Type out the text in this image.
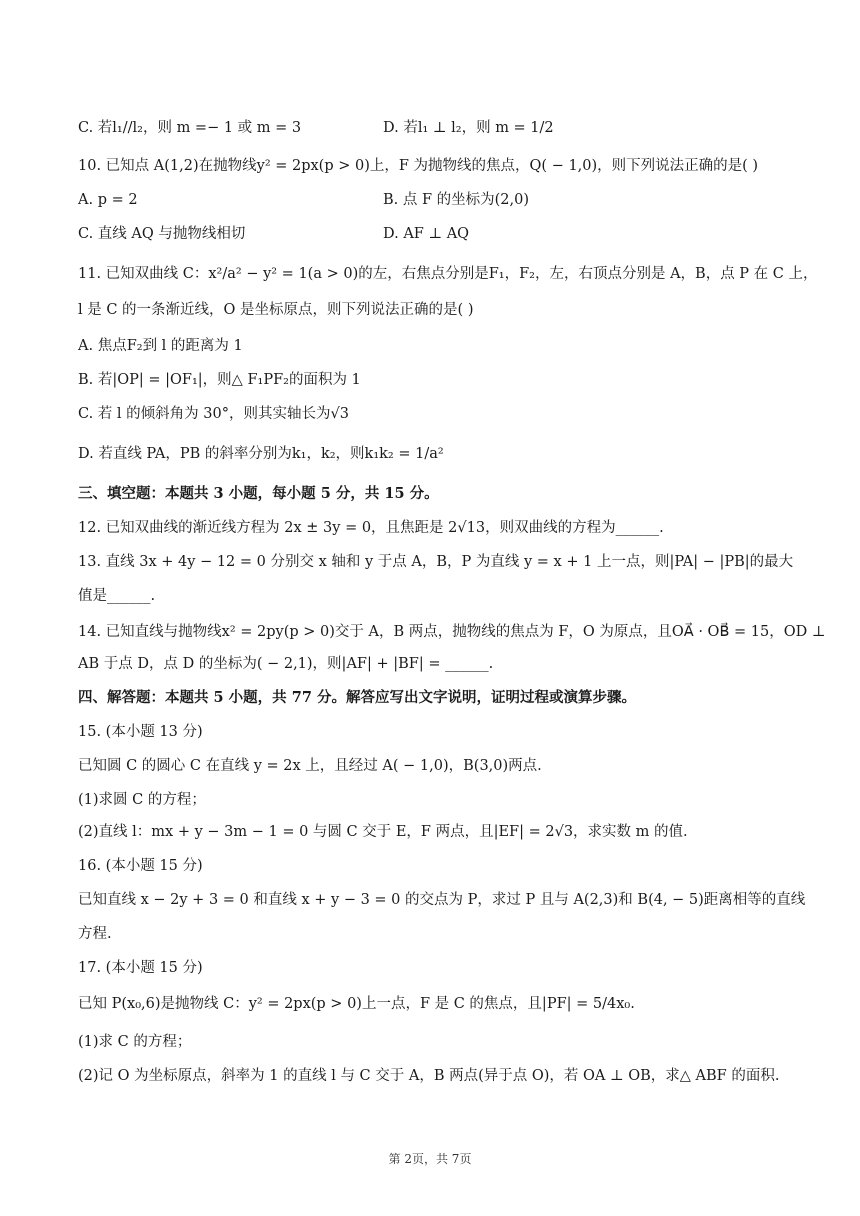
C. 若l₁//l₂，则 m =− 1 或 m = 3	D. 若l₁ ⊥ l₂，则 m = 1/2
10. 已知点 A(1,2)在抛物线y² = 2px(p > 0)上，F 为抛物线的焦点，Q( − 1,0)，则下列说法正确的是( )
A. p = 2	B. 点 F 的坐标为(2,0)
C. 直线 AQ 与抛物线相切	D. AF ⊥ AQ
11. 已知双曲线 C：x²/a² − y² = 1(a > 0)的左，右焦点分别是F₁，F₂，左，右顶点分别是 A，B，点 P 在 C 上，
l 是 C 的一条渐近线，O 是坐标原点，则下列说法正确的是( )
A. 焦点F₂到 l 的距离为 1
B. 若|OP| = |OF₁|，则△ F₁PF₂的面积为 1
C. 若 l 的倾斜角为 30°，则其实轴长为√3
D. 若直线 PA，PB 的斜率分别为k₁，k₂，则k₁k₂ = 1/a²
三、填空题：本题共 3 小题，每小题 5 分，共 15 分。
12. 已知双曲线的渐近线方程为 2x ± 3y = 0，且焦距是 2√13，则双曲线的方程为______.
13. 直线 3x + 4y − 12 = 0 分别交 x 轴和 y 于点 A，B，P 为直线 y = x + 1 上一点，则|PA| − |PB|的最大
值是______.
14. 已知直线与抛物线x² = 2py(p > 0)交于 A，B 两点，抛物线的焦点为 F，O 为原点，且OA⃗ · OB⃗ = 15，OD ⊥
AB 于点 D，点 D 的坐标为( − 2,1)，则|AF| + |BF| = ______.
四、解答题：本题共 5 小题，共 77 分。解答应写出文字说明，证明过程或演算步骤。
15. (本小题 13 分)
已知圆 C 的圆心 C 在直线 y = 2x 上，且经过 A( − 1,0)，B(3,0)两点.
(1)求圆 C 的方程；
(2)直线 l：mx + y − 3m − 1 = 0 与圆 C 交于 E，F 两点，且|EF| = 2√3，求实数 m 的值.
16. (本小题 15 分)
已知直线 x − 2y + 3 = 0 和直线 x + y − 3 = 0 的交点为 P，求过 P 且与 A(2,3)和 B(4, − 5)距离相等的直线
方程.
17. (本小题 15 分)
已知 P(x₀,6)是抛物线 C：y² = 2px(p > 0)上一点，F 是 C 的焦点，且|PF| = 5/4x₀.
(1)求 C 的方程；
(2)记 O 为坐标原点，斜率为 1 的直线 l 与 C 交于 A，B 两点(异于点 O)，若 OA ⊥ OB，求△ ABF 的面积.
第 2页，共 7页
